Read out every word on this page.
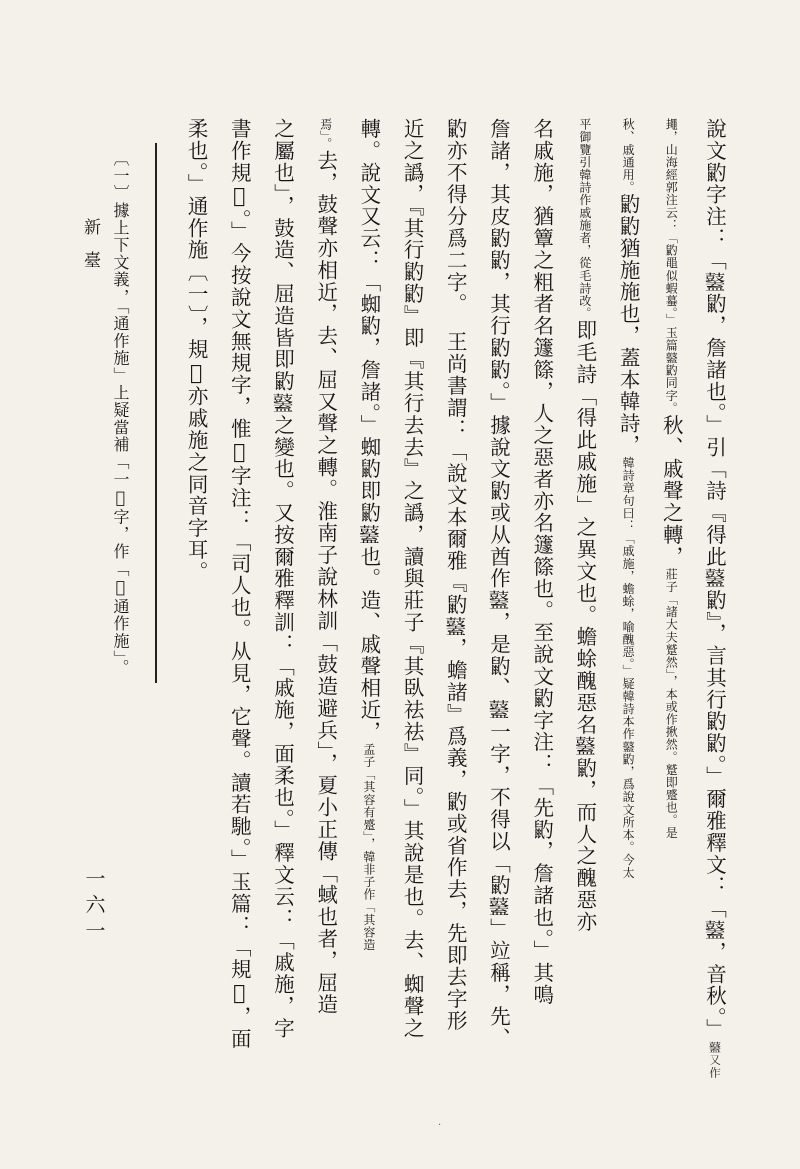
新臺
一六一	說文䶂字注：「𪔮䶂，詹諸也。」引「詩『得此𪔮䶂』，言其行䶂䶂。」爾雅釋文：「𪔮，音秋。」𪔮又作
䵷，山海經郭注云：「䶂黽似蝦蟇。」玉篇𪔮䶂同字。秋、戚聲之轉，莊子「諸大夫蹵然」，本或作揪然。蹵即蹙也。是
秋、戚通用。䶂䶂猶施施也，蓋本韓詩，韓詩章句曰：「戚施，蟾蜍，喻醜惡。」疑韓詩本作𪔮䶂，爲說文所本。今太
平御覽引韓詩作戚施者，從毛詩改。即毛詩「得此戚施」之異文也。蟾蜍醜惡名𪔮䶂，而人之醜惡亦
名戚施，猶簟之粗者名籧篨，人之惡者亦名籧篨也。至說文䶂字注：「先䶂，詹諸也。」其鳴
詹諸，其皮䶂䶂，其行䶂䶂。」據說文䶂或从酋作𪔮，是䶂、𪔮一字，不得以「䶂𪔮」竝稱，先、
䶂亦不得分爲二字。王尚書謂：「說文本爾雅『䶂𪔮，蟾諸』爲義，䶂或省作去，先即去字形
近之譌，『其行䶂䶂』即『其行去去』之譌，讀與莊子『其臥祛祛』同。」其說是也。去、蜘聲之
轉。說文又云：「蜘䶂，詹諸。」蜘䶂即䶂𪔮也。造、戚聲相近，孟子「其容有蹙」，韓非子作「其容造
焉」。去，鼓聲亦相近，去、屈又聲之轉。淮南子說林訓「鼓造避兵」，夏小正傳「蜮也者，屈造
之屬也」，鼓造、屈造皆即䶂𪔮之變也。又按爾雅釋訓：「戚施，面柔也。」釋文云：「戚施，字
書作規𥇨。」今按說文無規字，惟𥇨字注：「司人也。从見，它聲。讀若馳。」玉篇：「規𥇨，面
柔也。」通作施〔一〕，規𥇨亦戚施之同音字耳。
〔一〕據上下文義，「通作施」上疑當補「一𥇨字，作「𥇨通作施」。
·
